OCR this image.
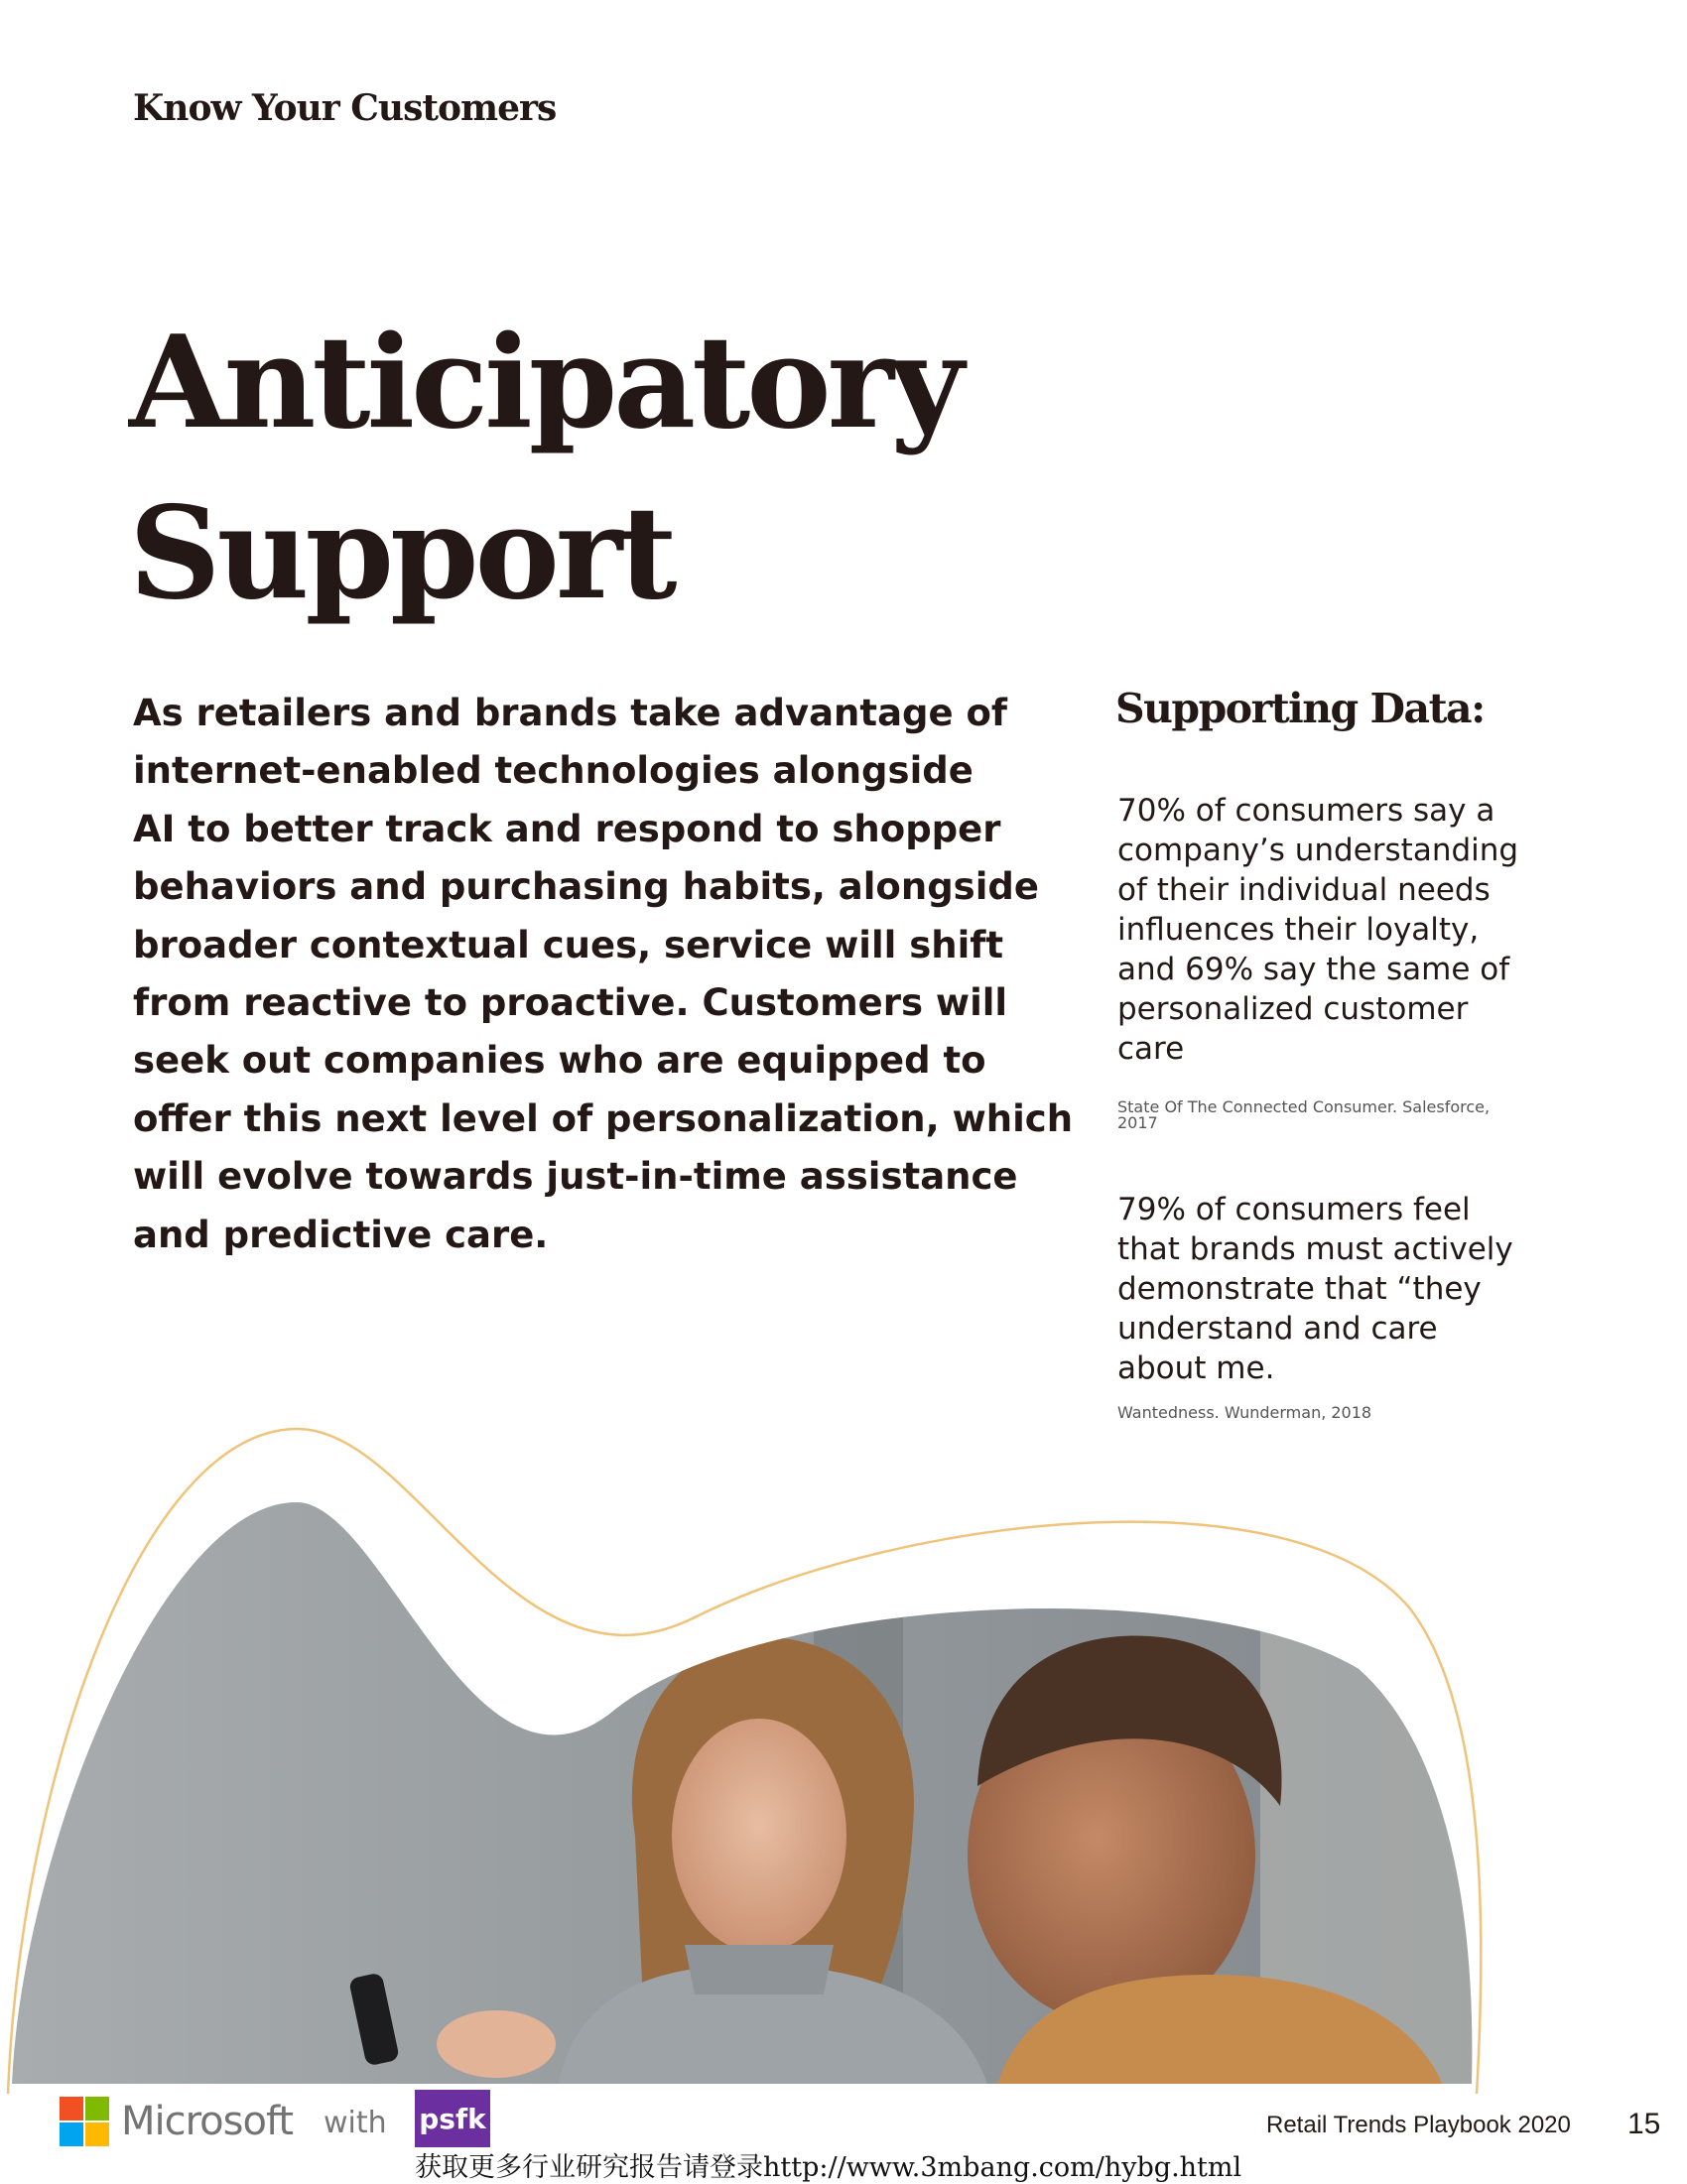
Know Your Customers
Anticipatory
Support
As retailers and brands take advantage of
internet-enabled technologies alongside
AI to better track and respond to shopper
behaviors and purchasing habits, alongside
broader contextual cues, service will shift
from reactive to proactive. Customers will
seek out companies who are equipped to
offer this next level of personalization, which
will evolve towards just-in-time assistance
and predictive care.
Supporting Data:
70% of consumers say a
company’s understanding
of their individual needs
influences their loyalty,
and 69% say the same of
personalized customer
care
State Of The Connected Consumer. Salesforce,
2017
79% of consumers feel
that brands must actively
demonstrate that “they
understand and care
about me.
Wantedness. Wunderman, 2018
Microsoft with psfk	Retail Trends Playbook 2020 15
获取更多行业研究报告请登录http://www.3mbang.com/hybg.html
